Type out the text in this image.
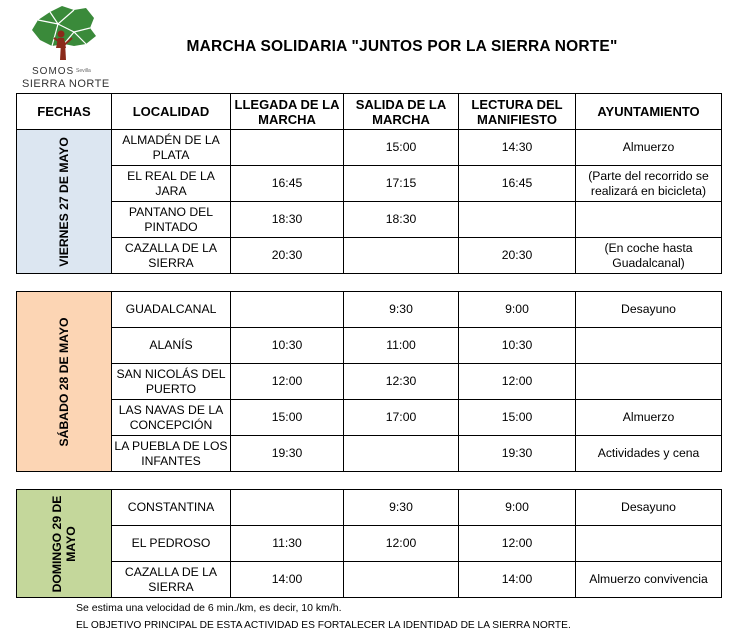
SOMOS Sevilla
SIERRA NORTE
MARCHA SOLIDARIA "JUNTOS POR LA SIERRA NORTE"
FECHAS	LOCALIDAD	LLEGADA DE LA MARCHA	SALIDA DE LA MARCHA	LECTURA DEL MANIFIESTO	AYUNTAMIENTO
VIERNES 27 DE MAYO	ALMADÉN DE LA PLATA		15:00	14:30	Almuerzo
	EL REAL DE LA JARA	16:45	17:15	16:45	(Parte del recorrido se realizará en bicicleta)
	PANTANO DEL PINTADO	18:30	18:30		
	CAZALLA DE LA SIERRA	20:30		20:30	(En coche hasta Guadalcanal)
SÁBADO 28 DE MAYO	GUADALCANAL		9:30	9:00	Desayuno
	ALANÍS	10:30	11:00	10:30	
	SAN NICOLÁS DEL PUERTO	12:00	12:30	12:00	
	LAS NAVAS DE LA CONCEPCIÓN	15:00	17:00	15:00	Almuerzo
	LA PUEBLA DE LOS INFANTES	19:30		19:30	Actividades y cena
DOMINGO 29 DE MAYO	CONSTANTINA		9:30	9:00	Desayuno
	EL PEDROSO	11:30	12:00	12:00	
	CAZALLA DE LA SIERRA	14:00		14:00	Almuerzo convivencia
Se estima una velocidad de 6 min./km, es decir, 10 km/h.
EL OBJETIVO PRINCIPAL DE ESTA ACTIVIDAD ES FORTALECER LA IDENTIDAD DE LA SIERRA NORTE.
